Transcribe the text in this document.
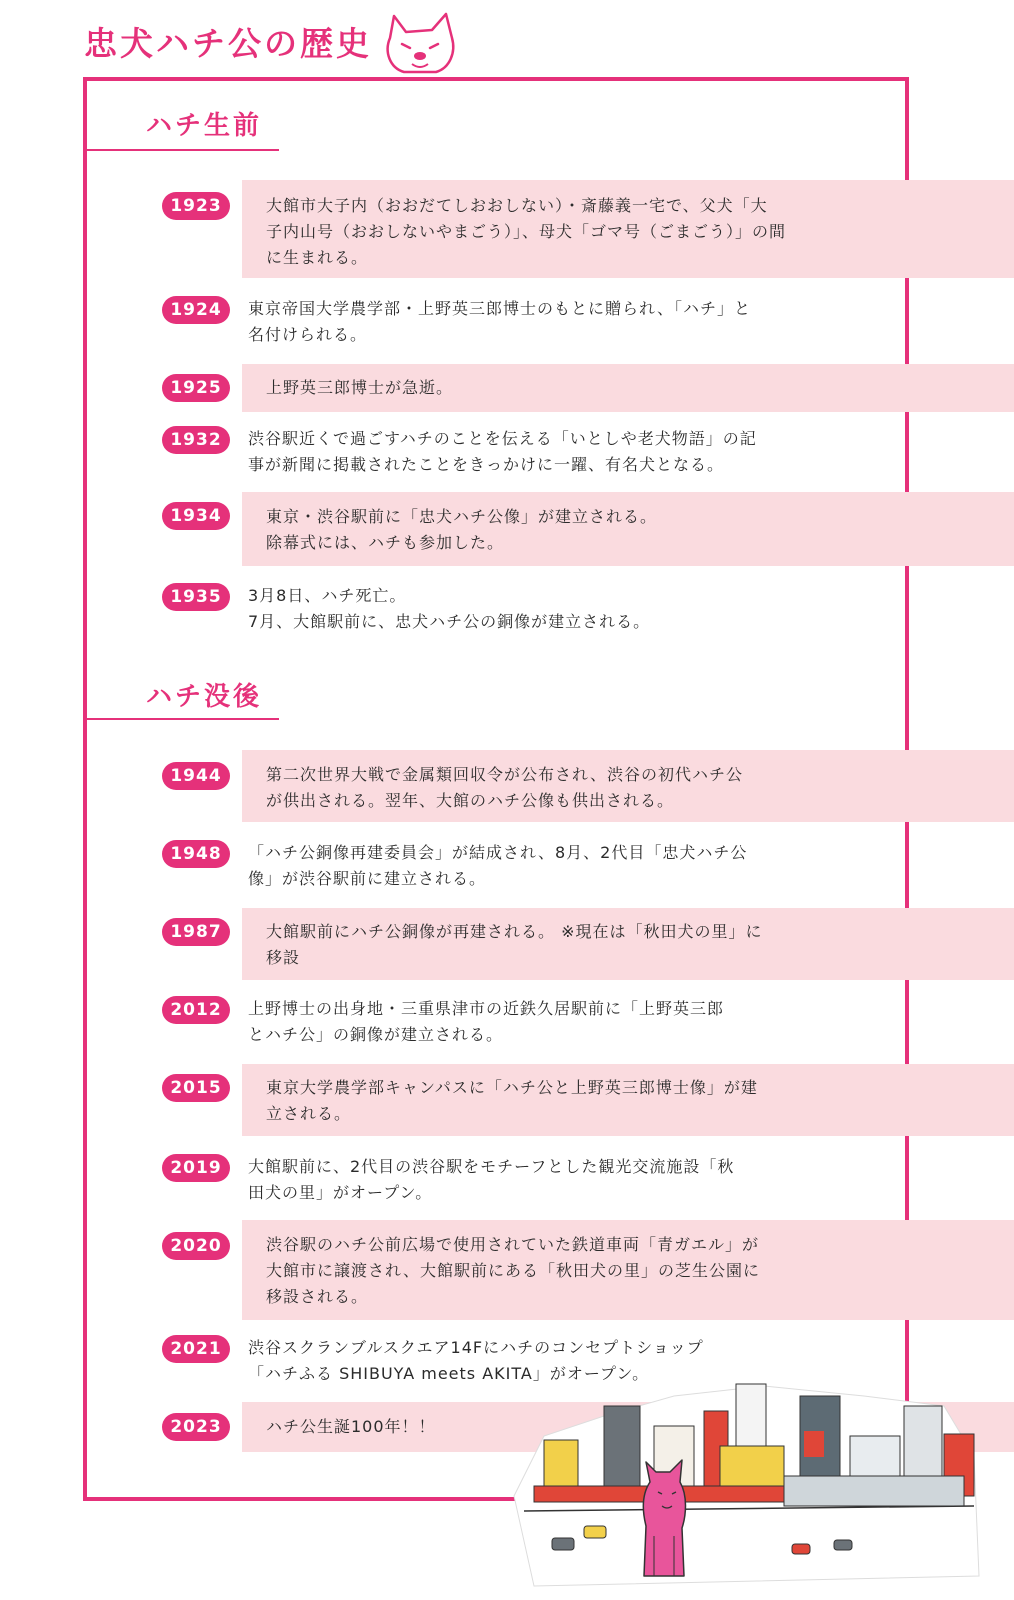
忠犬ハチ公の歴史
ハチ生前
1923	大館市大子内（おおだてしおおしない）・斎藤義一宅で、父犬「大
子内山号（おおしないやまごう）」、母犬「ゴマ号（ごまごう）」の間
に生まれる。

1924	東京帝国大学農学部・上野英三郎博士のもとに贈られ、「ハチ」と
名付けられる。

1925	上野英三郎博士が急逝。

1932	渋谷駅近くで過ごすハチのことを伝える「いとしや老犬物語」の記
事が新聞に掲載されたことをきっかけに一躍、有名犬となる。

1934	東京・渋谷駅前に「忠犬ハチ公像」が建立される。
除幕式には、ハチも参加した。

1935	3月8日、ハチ死亡。
7月、大館駅前に、忠犬ハチ公の銅像が建立される。

ハチ没後
1944	第二次世界大戦で金属類回収令が公布され、渋谷の初代ハチ公
が供出される。翌年、大館のハチ公像も供出される。

1948	「ハチ公銅像再建委員会」が結成され、8月、2代目「忠犬ハチ公
像」が渋谷駅前に建立される。

1987	大館駅前にハチ公銅像が再建される。 ※現在は「秋田犬の里」に
移設

2012	上野博士の出身地・三重県津市の近鉄久居駅前に「上野英三郎
とハチ公」の銅像が建立される。

2015	東京大学農学部キャンパスに「ハチ公と上野英三郎博士像」が建
立される。

2019	大館駅前に、2代目の渋谷駅をモチーフとした観光交流施設「秋
田犬の里」がオープン。

2020	渋谷駅のハチ公前広場で使用されていた鉄道車両「青ガエル」が
大館市に譲渡され、大館駅前にある「秋田犬の里」の芝生公園に
移設される。

2021	渋谷スクランブルスクエア14Fにハチのコンセプトショップ
「ハチふる SHIBUYA meets AKITA」がオープン。

2023	ハチ公生誕100年！！
